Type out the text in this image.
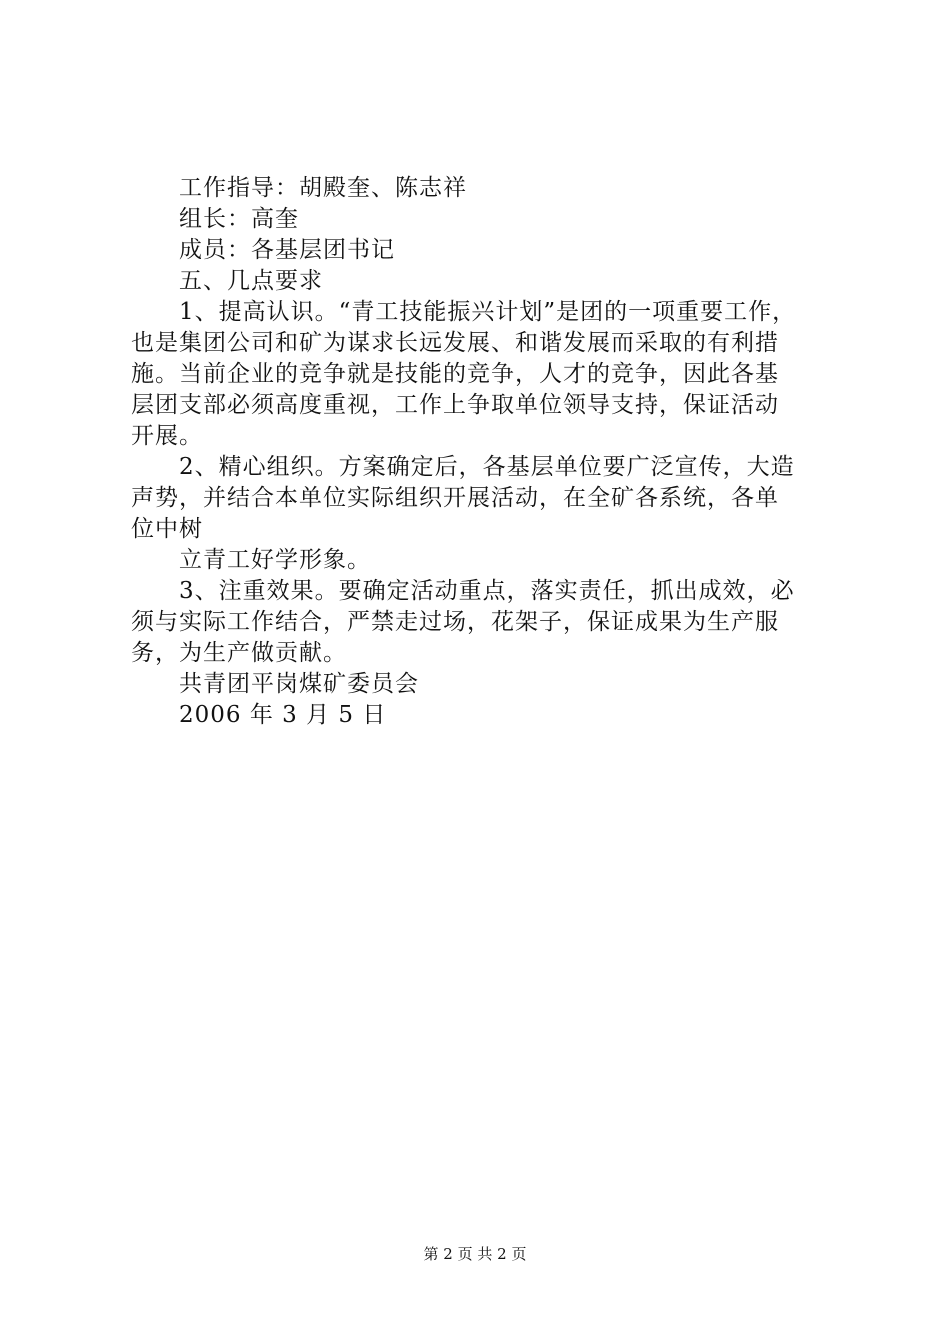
工作指导：胡殿奎、陈志祥
组长：高奎
成员：各基层团书记
五、几点要求
1、提高认识。“青工技能振兴计划”是团的一项重要工作，
也是集团公司和矿为谋求长远发展、和谐发展而采取的有利措
施。当前企业的竞争就是技能的竞争，人才的竞争，因此各基
层团支部必须高度重视，工作上争取单位领导支持，保证活动
开展。
2、精心组织。方案确定后，各基层单位要广泛宣传，大造
声势，并结合本单位实际组织开展活动，在全矿各系统，各单
位中树
立青工好学形象。
3、注重效果。要确定活动重点，落实责任，抓出成效，必
须与实际工作结合，严禁走过场，花架子，保证成果为生产服
务，为生产做贡献。
共青团平岗煤矿委员会
2006 年 3 月 5 日
第 2 页 共 2 页
